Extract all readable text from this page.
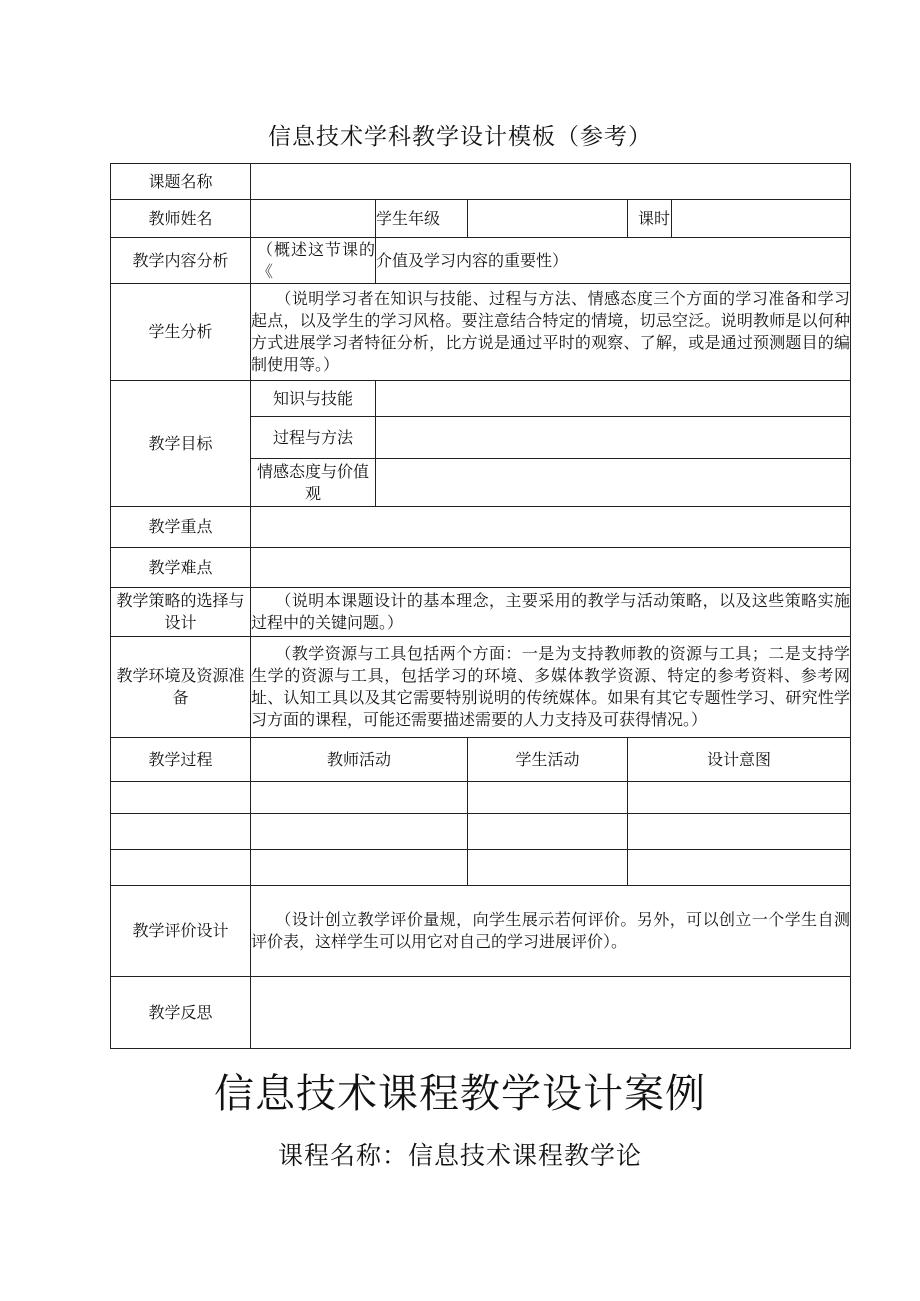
信息技术学科教学设计模板（参考）
课题名称					
教师姓名		学生年级		课时	
教学内容分析	（概述这节课的《	介值及学习内容的重要性）			
学生分析	（说明学习者在知识与技能、过程与方法、情感态度三个方面的学习准备和学习起点，以及学生的学习风格。要注意结合特定的情境，切忌空泛。说明教师是以何种方式进展学习者特征分析，比方说是通过平时的观察、了解，或是通过预测题目的编制使用等。）				
教学目标	知识与技能				
	过程与方法				
	情感态度与价值观				
教学重点					
教学难点					
教学策略的选择与设计	（说明本课题设计的基本理念，主要采用的教学与活动策略，以及这些策略实施过程中的关键问题。）				
教学环境及资源准备	（教学资源与工具包括两个方面：一是为支持教师教的资源与工具；二是支持学生学的资源与工具，包括学习的环境、多媒体教学资源、特定的参考资料、参考网址、认知工具以及其它需要特别说明的传统媒体。如果有其它专题性学习、研究性学习方面的课程，可能还需要描述需要的人力支持及可获得情况。）				
教学过程	教师活动		学生活动	设计意图	

教学评价设计	（设计创立教学评价量规，向学生展示若何评价。另外，可以创立一个学生自测评价表，这样学生可以用它对自己的学习进展评价）。				
教学反思					
信息技术课程教学设计案例
课程名称：信息技术课程教学论
